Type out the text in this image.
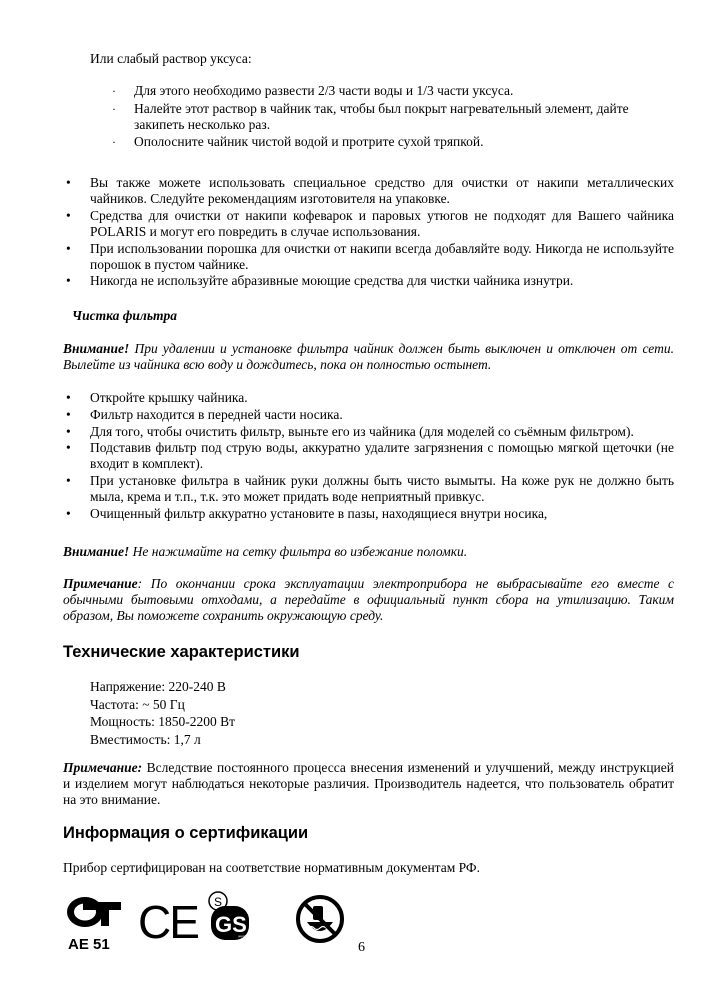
Или слабый раствор уксуса:

· Для этого необходимо развести 2/3 части воды и 1/3 части уксуса.
· Налейте этот раствор в чайник так, чтобы был покрыт нагревательный элемент, дайте закипеть несколько раз.
· Ополосните чайник чистой водой и протрите сухой тряпкой.
• Вы также можете использовать специальное средство для очистки от накипи металлических чайников. Следуйте рекомендациям изготовителя на упаковке.
• Средства для очистки от накипи кофеварок и паровых утюгов не подходят для Вашего чайника POLARIS и могут его повредить в случае использования.
• При использовании порошка для очистки от накипи всегда добавляйте воду. Никогда не используйте порошок в пустом чайнике.
• Никогда не используйте абразивные моющие средства для чистки чайника изнутри.

Чистка фильтра

Внимание! При удалении и установке фильтра чайник должен быть выключен и отключен от сети. Вылейте из чайника всю воду и дождитесь, пока он полностью остынет.

• Откройте крышку чайника.
• Фильтр находится в передней части носика.
• Для того, чтобы очистить фильтр, выньте его из чайника (для моделей со съёмным фильтром).
• Подставив фильтр под струю воды, аккуратно удалите загрязнения с помощью мягкой щеточки (не входит в комплект).
• При установке фильтра в чайник руки должны быть чисто вымыты. На коже рук не должно быть мыла, крема и т.п., т.к. это может придать воде неприятный привкус.
• Очищенный фильтр аккуратно установите в пазы, находящиеся внутри носика,

Внимание! Не нажимайте на сетку фильтра во избежание поломки.

Примечание: По окончании срока эксплуатации электроприбора не выбрасывайте его вместе с обычными бытовыми отходами, а передайте в официальный пункт сбора на утилизацию. Таким образом, Вы поможете сохранить окружающую среду.

Технические характеристики
Напряжение: 220-240 В
Частота: ~ 50 Гц
Мощность: 1850-2200 Вт
Вместимость: 1,7 л

Примечание: Вследствие постоянного процесса внесения изменений и улучшений, между инструкцией и изделием могут наблюдаться некоторые различия. Производитель надеется, что пользователь обратит на это внимание.

Информация о сертификации

Прибор сертифицирован на соответствие нормативным документам РФ.

AE 51 CE S
GS
geprüfte Sicherheit
6
